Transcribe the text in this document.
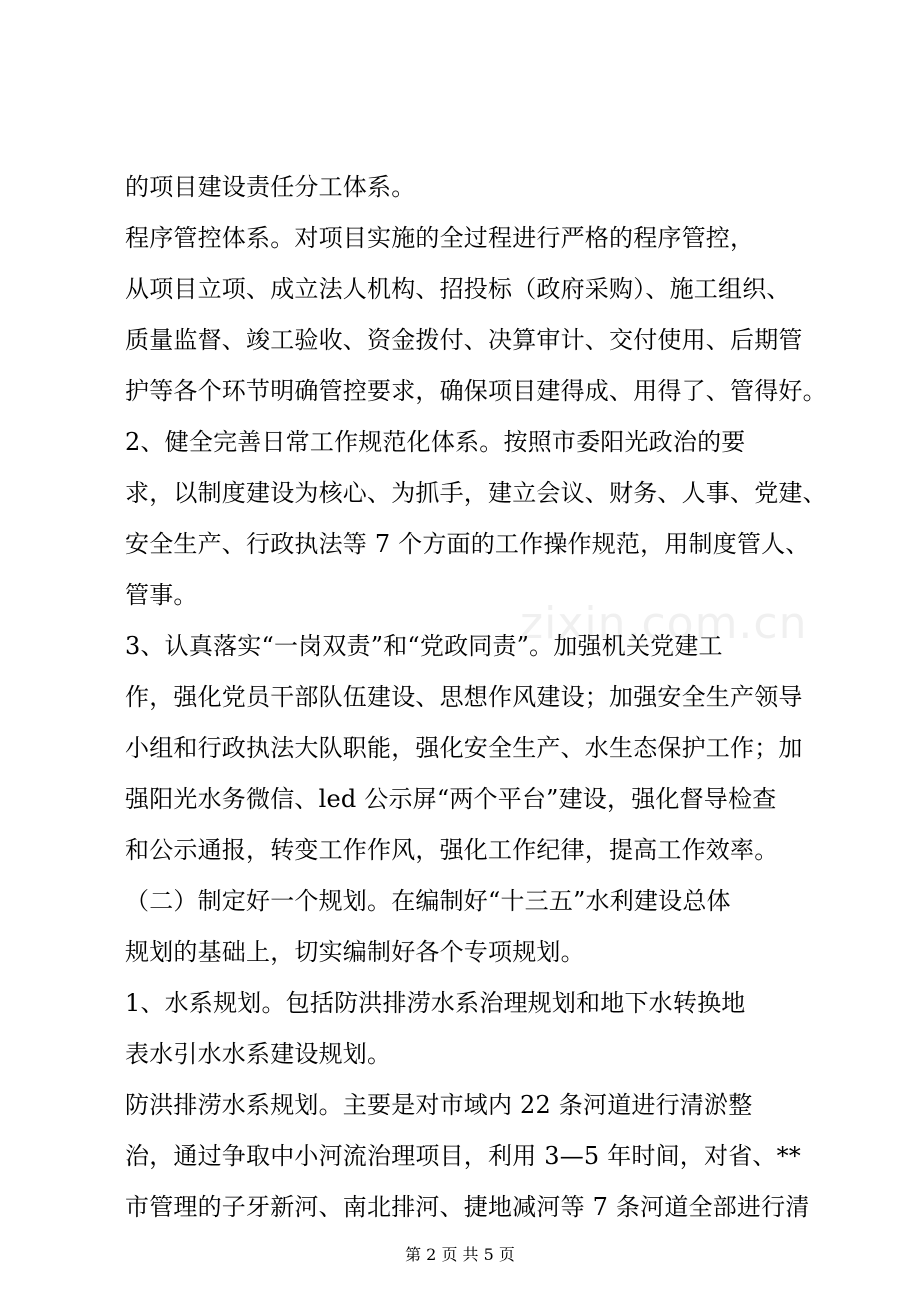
zixin.com.cn
的项目建设责任分工体系。
程序管控体系。对项目实施的全过程进行严格的程序管控，
从项目立项、成立法人机构、招投标（政府采购）、施工组织、
质量监督、竣工验收、资金拨付、决算审计、交付使用、后期管
护等各个环节明确管控要求，确保项目建得成、用得了、管得好。
2、健全完善日常工作规范化体系。按照市委阳光政治的要
求，以制度建设为核心、为抓手，建立会议、财务、人事、党建、
安全生产、行政执法等 7 个方面的工作操作规范，用制度管人、
管事。
3、认真落实“一岗双责”和“党政同责”。加强机关党建工
作，强化党员干部队伍建设、思想作风建设；加强安全生产领导
小组和行政执法大队职能，强化安全生产、水生态保护工作；加
强阳光水务微信、led 公示屏“两个平台”建设，强化督导检查
和公示通报，转变工作作风，强化工作纪律，提高工作效率。
（二）制定好一个规划。在编制好“十三五”水利建设总体
规划的基础上，切实编制好各个专项规划。
1、水系规划。包括防洪排涝水系治理规划和地下水转换地
表水引水水系建设规划。
防洪排涝水系规划。主要是对市域内 22 条河道进行清淤整
治，通过争取中小河流治理项目，利用 3—5 年时间，对省、**
市管理的子牙新河、南北排河、捷地减河等 7 条河道全部进行清
第 2 页 共 5 页
